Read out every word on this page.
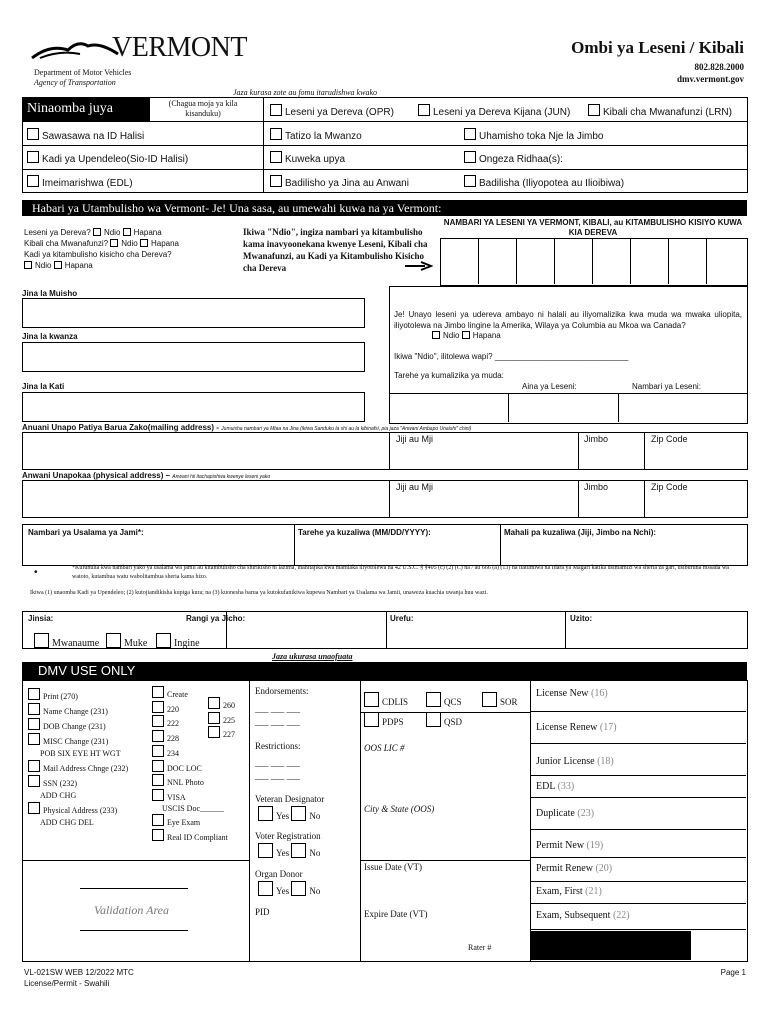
VERMONT
Department of Motor Vehicles
Agency of Transportation
Ombi ya Leseni / Kibali
802.828.2000
dmv.vermont.gov
Jaza kurasa zote au fomu itarudishwa kwako
Ninaomba juya	(Chagua moja ya kila kisanduku)	Leseni ya Dereva (OPR)	Leseni ya Dereva Kijana (JUN)	Kibali cha Mwanafunzi (LRN)
Sawasawa na ID Halisi	Tatizo la Mwanzo	Uhamisho toka Nje la Jimbo
Kadi ya Upendeleo(Sio-ID Halisi)	Kuweka upya	Ongeza Ridhaa(s):
Imeimarishwa (EDL)	Badilisho ya Jina au Anwani	Badilisha (Iliyopotea au Ilioibiwa)
Habari ya Utambulisho wa Vermont- Je! Una sasa, au umewahi kuwa na ya Vermont:
Leseni ya Dereva? Ndio Hapana
Kibali cha Mwanafunzi? Ndio Hapana
Kadi ya kitambulisho kisicho cha Dereva?
Ndio Hapana
Ikiwa "Ndio", ingiza nambari ya kitambulisho kama inavyoonekana kwenye Leseni, Kibali cha Mwanafunzi, au Kadi ya Kitambulisho Kisicho cha Dereva
NAMBARI YA LESENI YA VERMONT, KIBALI, au KITAMBULISHO KISIYO KUWA KIA DEREVA
Jina la Muisho
Jina la kwanza
Jina la Kati
Je! Unayo leseni ya udereva ambayo ni halali au iliyomalizika kwa muda wa mwaka uliopita, iliyotolewa na Jimbo lingine la Amerika, Wilaya ya Columbia au Mkoa wa Canada?
Ndio Hapana
Ikiwa "Ndio", ilitolewa wapi? ______________________________
Tarehe ya kumalizika ya muda:
Aina ya Leseni:	Nambari ya Leseni:
Anuani Unapo Patiya Barua Zako(mailing address) - Jumuisha nambari ya Mtaa na Jina (ikiwa Sanduku la shi au la kibinafsi, pia jaza "Anwani Ambapo Unaishi" chini)
Jiji au Mji	Jimbo	Zip Code
Anwani Unapokaa (physical address) – Anwani hii itachapishwa kwenye leseni yako
Jiji au Mji	Jimbo	Zip Code
Nambari ya Usalama ya Jami*:	Tarehe ya kuzaliwa (MM/DD/YYYY):	Mahali pa kuzaliwa (Jiji, Jimbo na Nchi):
•	*Kufunulia kwa nambari yako ya usalama wa jamii au kitambulisho cha shirikisho ni lazima, inahitajika kwa mamlaka iliyotolewa na 42 U.S.C. § §405 (c) (2) (C) na / au 666 (a) (13) na itatumiwa na Idara ya Magari katika usimamizi wa sheria za gari, usiburuna mssada wa watoto, kutambua watu wabolitambua sheria kama hizo.
Ikiwa (1) unaomba Kadi ya Upendeleo; (2) kutojiandikisha kupiga kura; na (3) kuonesha barua ya kutokufanikiwa kupewa Nambari ya Usalama wa Jamii, unaweza kuachia uwanja huu wazi.
Jinsia:	Rangi ya Jicho:	Urefu:	Uzito:
Mwanaume	Muke	Ingine
Jaza ukurasa unaofuata
DMV USE ONLY
Print (270)
Name Change (231)
DOB Change (231)
MISC Change (231)
POB SIX EYE HT WGT
Mail Address Chnge (232)
SSN (232)
ADD CHG
Physical Address (233)
ADD CHG DEL
Create
220
222
228
234
DOC LOC
NNL Photo
VISA
USCIS Doc______
Eye Exam
Real ID Compliant
260
225
227
Validation Area
Endorsements:
___ ___ ___
___ ___ ___
Restrictions:
___ ___ ___
___ ___ ___
Veteran Designator
Yes No
Voter Registration
Yes No
Organ Donor
Yes No
PID
CDLIS	QCS	SOR
PDPS	QSD
OOS LIC #
City & State (OOS)
Issue Date (VT)
Expire Date (VT)
Rater #
License New (16)
License Renew (17)
Junior License (18)
EDL (33)
Duplicate (23)
Permit New (19)
Permit Renew (20)
Exam, First (21)
Exam, Subsequent (22)
VL-021SW WEB 12/2022 MTC
License/Permit - Swahili
Page 1
